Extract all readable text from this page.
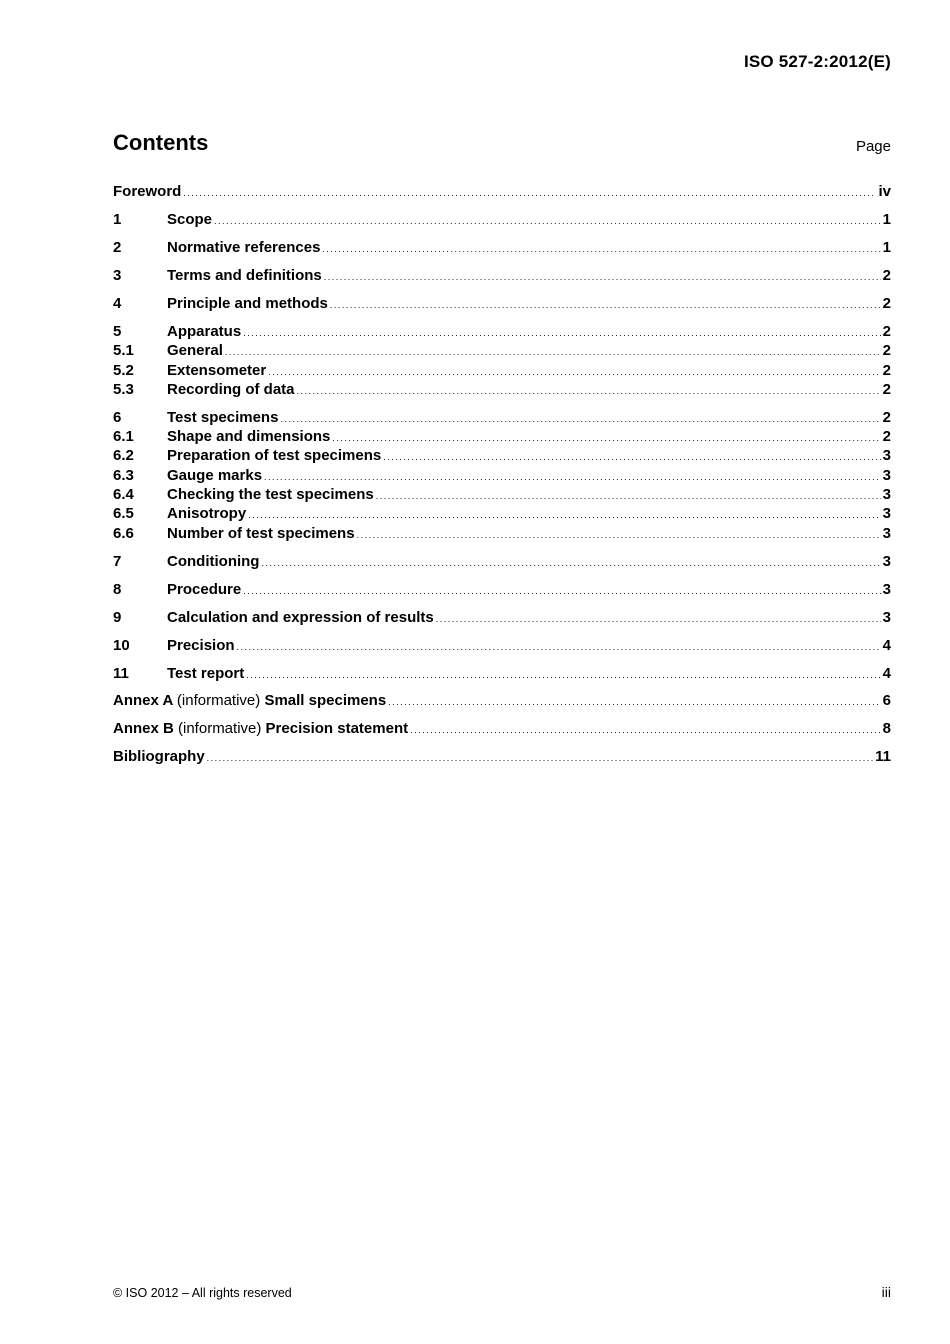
ISO 527-2:2012(E)
Contents	Page
Foreword .....	iv
1	Scope .....	1
2	Normative references .....	1
3	Terms and definitions .....	2
4	Principle and methods .....	2
5	Apparatus .....	2
5.1	General .....	2
5.2	Extensometer .....	2
5.3	Recording of data .....	2
6	Test specimens .....	2
6.1	Shape and dimensions .....	2
6.2	Preparation of test specimens .....	3
6.3	Gauge marks .....	3
6.4	Checking the test specimens .....	3
6.5	Anisotropy .....	3
6.6	Number of test specimens .....	3
7	Conditioning .....	3
8	Procedure .....	3
9	Calculation and expression of results .....	3
10	Precision .....	4
11	Test report .....	4
Annex A (informative) Small specimens .....	6
Annex B (informative) Precision statement .....	8
Bibliography .....	11
© ISO 2012 – All rights reserved	iii
